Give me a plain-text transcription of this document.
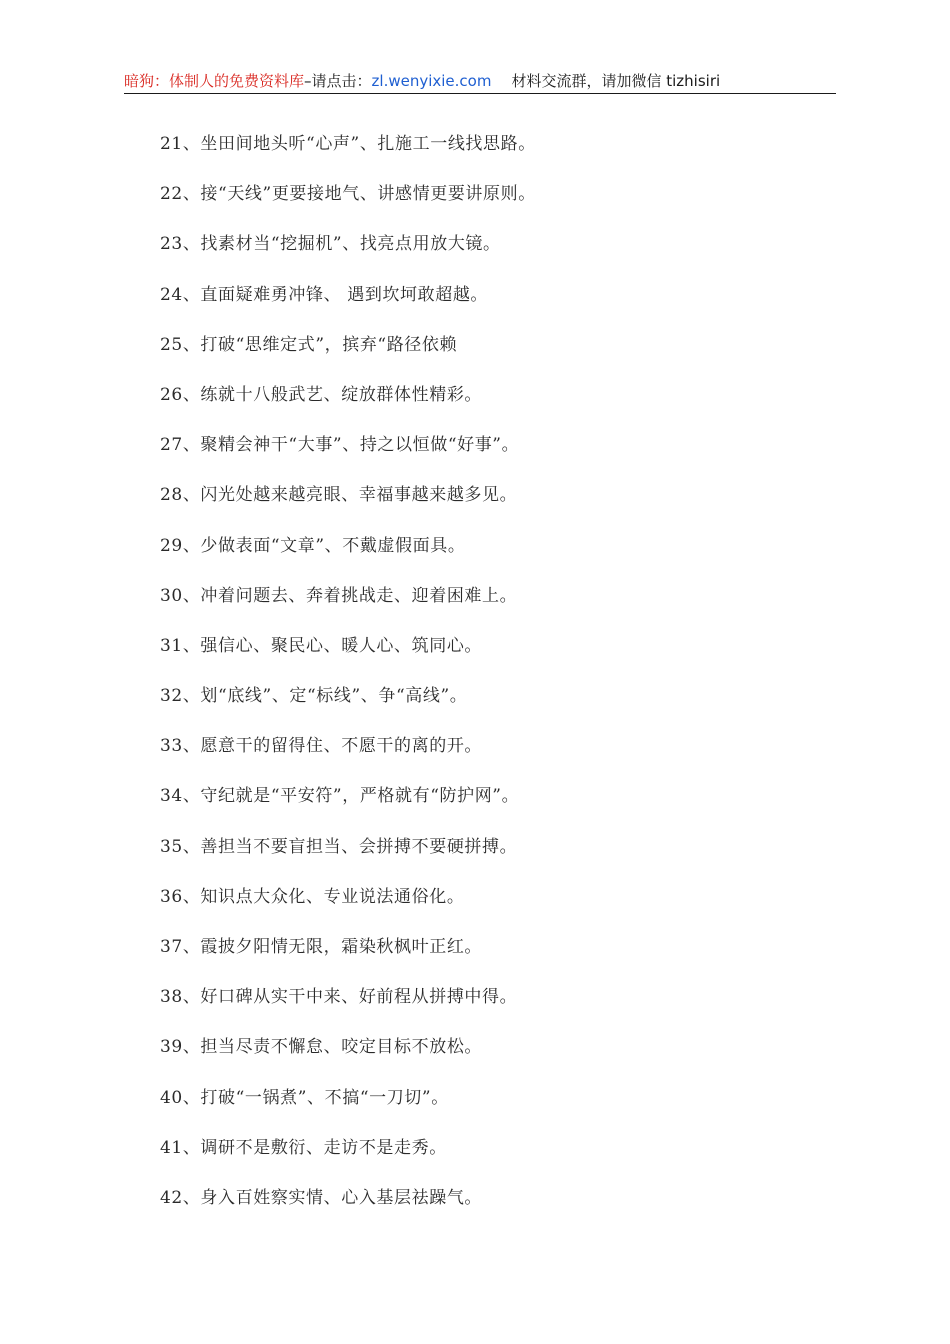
暗狗：体制人的免费资料库–请点击：zl.wenyixie.com 材料交流群，请加微信 tizhisiri
21、坐田间地头听“心声”、扎施工一线找思路。
22、接“天线”更要接地气、讲感情更要讲原则。
23、找素材当“挖掘机”、找亮点用放大镜。
24、直面疑难勇冲锋、 遇到坎坷敢超越。
25、打破“思维定式”，摈弃“路径依赖
26、练就十八般武艺、绽放群体性精彩。
27、聚精会神干“大事”、持之以恒做“好事”。
28、闪光处越来越亮眼、幸福事越来越多见。
29、少做表面“文章”、不戴虚假面具。
30、冲着问题去、奔着挑战走、迎着困难上。
31、强信心、聚民心、暖人心、筑同心。
32、划“底线”、定“标线”、争“高线”。
33、愿意干的留得住、不愿干的离的开。
34、守纪就是“平安符”，严格就有“防护网”。
35、善担当不要盲担当、会拼搏不要硬拼搏。
36、知识点大众化、专业说法通俗化。
37、霞披夕阳情无限，霜染秋枫叶正红。
38、好口碑从实干中来、好前程从拼搏中得。
39、担当尽责不懈怠、咬定目标不放松。
40、打破“一锅煮”、不搞“一刀切”。
41、调研不是敷衍、走访不是走秀。
42、身入百姓察实情、心入基层祛躁气。
